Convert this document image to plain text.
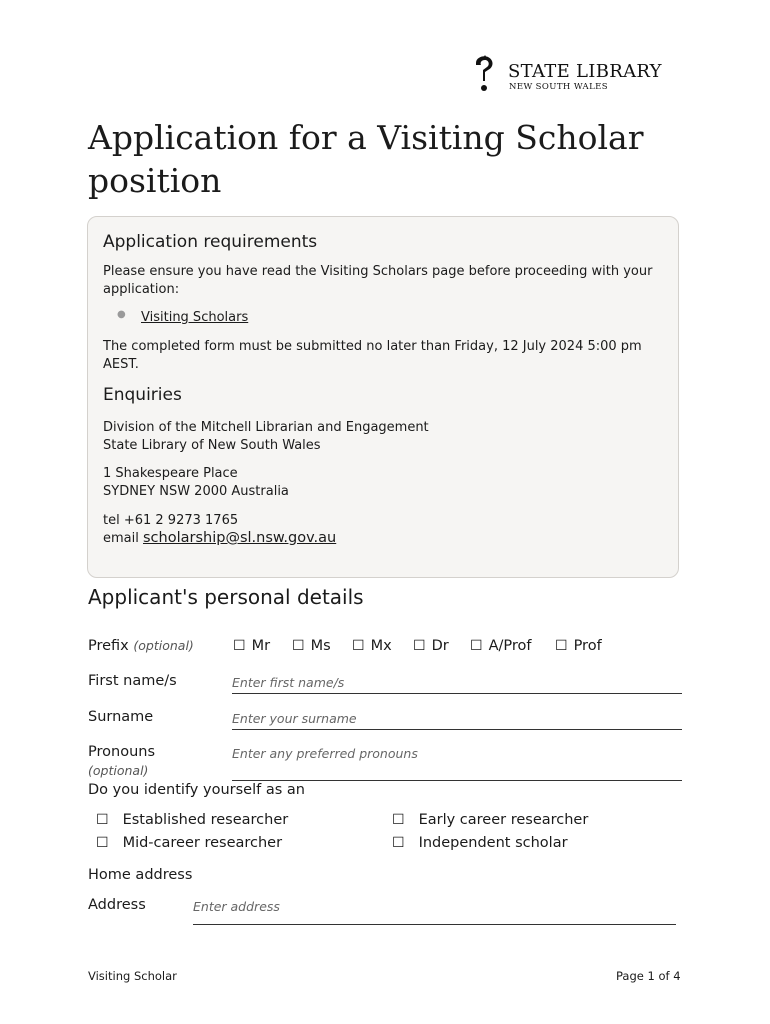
STATE LIBRARY
NEW SOUTH WALES
Application for a Visiting Scholar position
Application requirements
Please ensure you have read the Visiting Scholars page before proceeding with your application:
● Visiting Scholars
The completed form must be submitted no later than Friday, 12 July 2024 5:00 pm AEST.
Enquiries
Division of the Mitchell Librarian and Engagement
State Library of New South Wales
1 Shakespeare Place
SYDNEY NSW 2000 Australia
tel +61 2 9273 1765
email scholarship@sl.nsw.gov.au
Applicant's personal details
Prefix (optional)	☐ Mr ☐ Ms ☐ Mx ☐ Dr ☐ A/Prof ☐ Prof
First name/s
Enter first name/s
Surname
Enter your surname
Pronouns
(optional)
Enter any preferred pronouns
Do you identify yourself as an
☐ Established researcher	☐ Early career researcher
☐ Mid-career researcher	☐ Independent scholar
Home address
Address
Enter address
Visiting Scholar	Page 1 of 4
